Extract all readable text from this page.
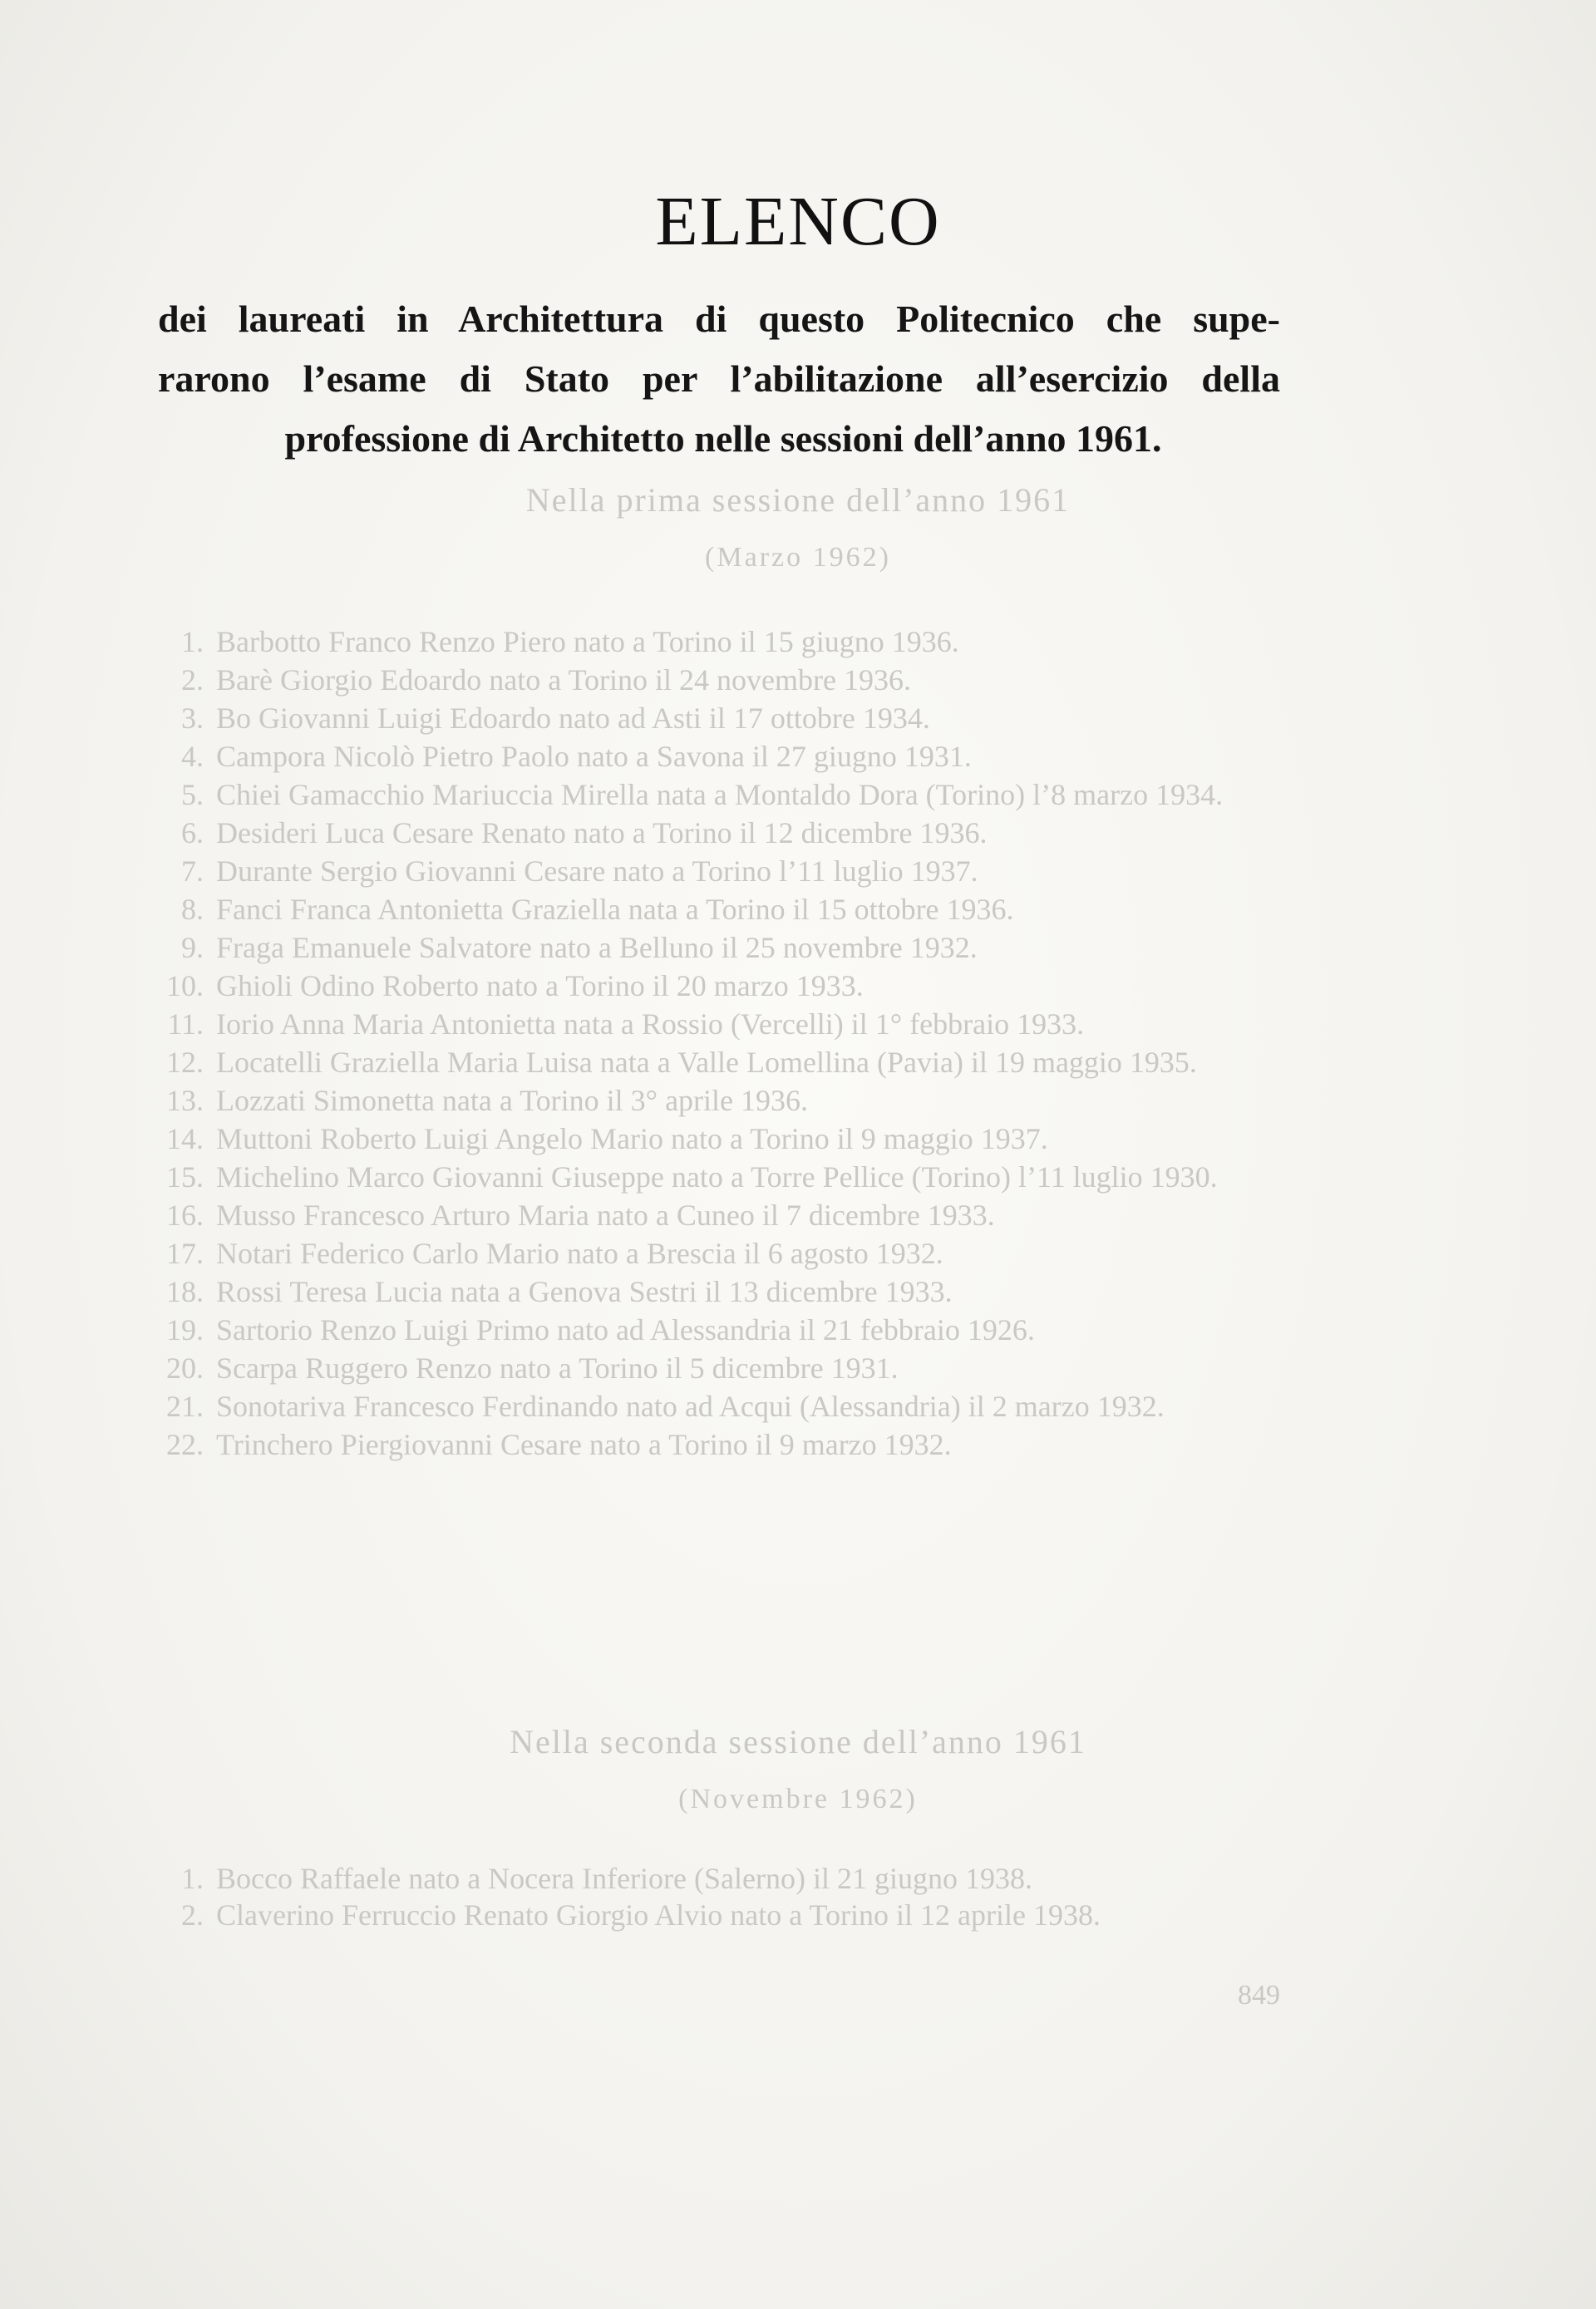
ELENCO
dei laureati in Architettura di questo Politecnico che supe-
rarono l’esame di Stato per l’abilitazione all’esercizio della
professione di Architetto nelle sessioni dell’anno 1961.
Nella prima sessione dell’anno 1961
(Marzo 1962)
1. Barbotto Franco Renzo Piero nato a Torino il 15 giugno 1936.
2. Barè Giorgio Edoardo nato a Torino il 24 novembre 1936.
3. Bo Giovanni Luigi Edoardo nato ad Asti il 17 ottobre 1934.
4. Campora Nicolò Pietro Paolo nato a Savona il 27 giugno 1931.
5. Chiei Gamacchio Mariuccia Mirella nata a Montaldo Dora (Torino) l’8 marzo 1934.
6. Desideri Luca Cesare Renato nato a Torino il 12 dicembre 1936.
7. Durante Sergio Giovanni Cesare nato a Torino l’11 luglio 1937.
8. Fanci Franca Antonietta Graziella nata a Torino il 15 ottobre 1936.
9. Fraga Emanuele Salvatore nato a Belluno il 25 novembre 1932.
10. Ghioli Odino Roberto nato a Torino il 20 marzo 1933.
11. Iorio Anna Maria Antonietta nata a Rossio (Vercelli) il 1° febbraio 1933.
12. Locatelli Graziella Maria Luisa nata a Valle Lomellina (Pavia) il 19 maggio 1935.
13. Lozzati Simonetta nata a Torino il 3° aprile 1936.
14. Muttoni Roberto Luigi Angelo Mario nato a Torino il 9 maggio 1937.
15. Michelino Marco Giovanni Giuseppe nato a Torre Pellice (Torino) l’11 luglio 1930.
16. Musso Francesco Arturo Maria nato a Cuneo il 7 dicembre 1933.
17. Notari Federico Carlo Mario nato a Brescia il 6 agosto 1932.
18. Rossi Teresa Lucia nata a Genova Sestri il 13 dicembre 1933.
19. Sartorio Renzo Luigi Primo nato ad Alessandria il 21 febbraio 1926.
20. Scarpa Ruggero Renzo nato a Torino il 5 dicembre 1931.
21. Sonotariva Francesco Ferdinando nato ad Acqui (Alessandria) il 2 marzo 1932.
22. Trinchero Piergiovanni Cesare nato a Torino il 9 marzo 1932.
Nella seconda sessione dell’anno 1961
(Novembre 1962)
1. Bocco Raffaele nato a Nocera Inferiore (Salerno) il 21 giugno 1938.
2. Claverino Ferruccio Renato Giorgio Alvio nato a Torino il 12 aprile 1938.
849
